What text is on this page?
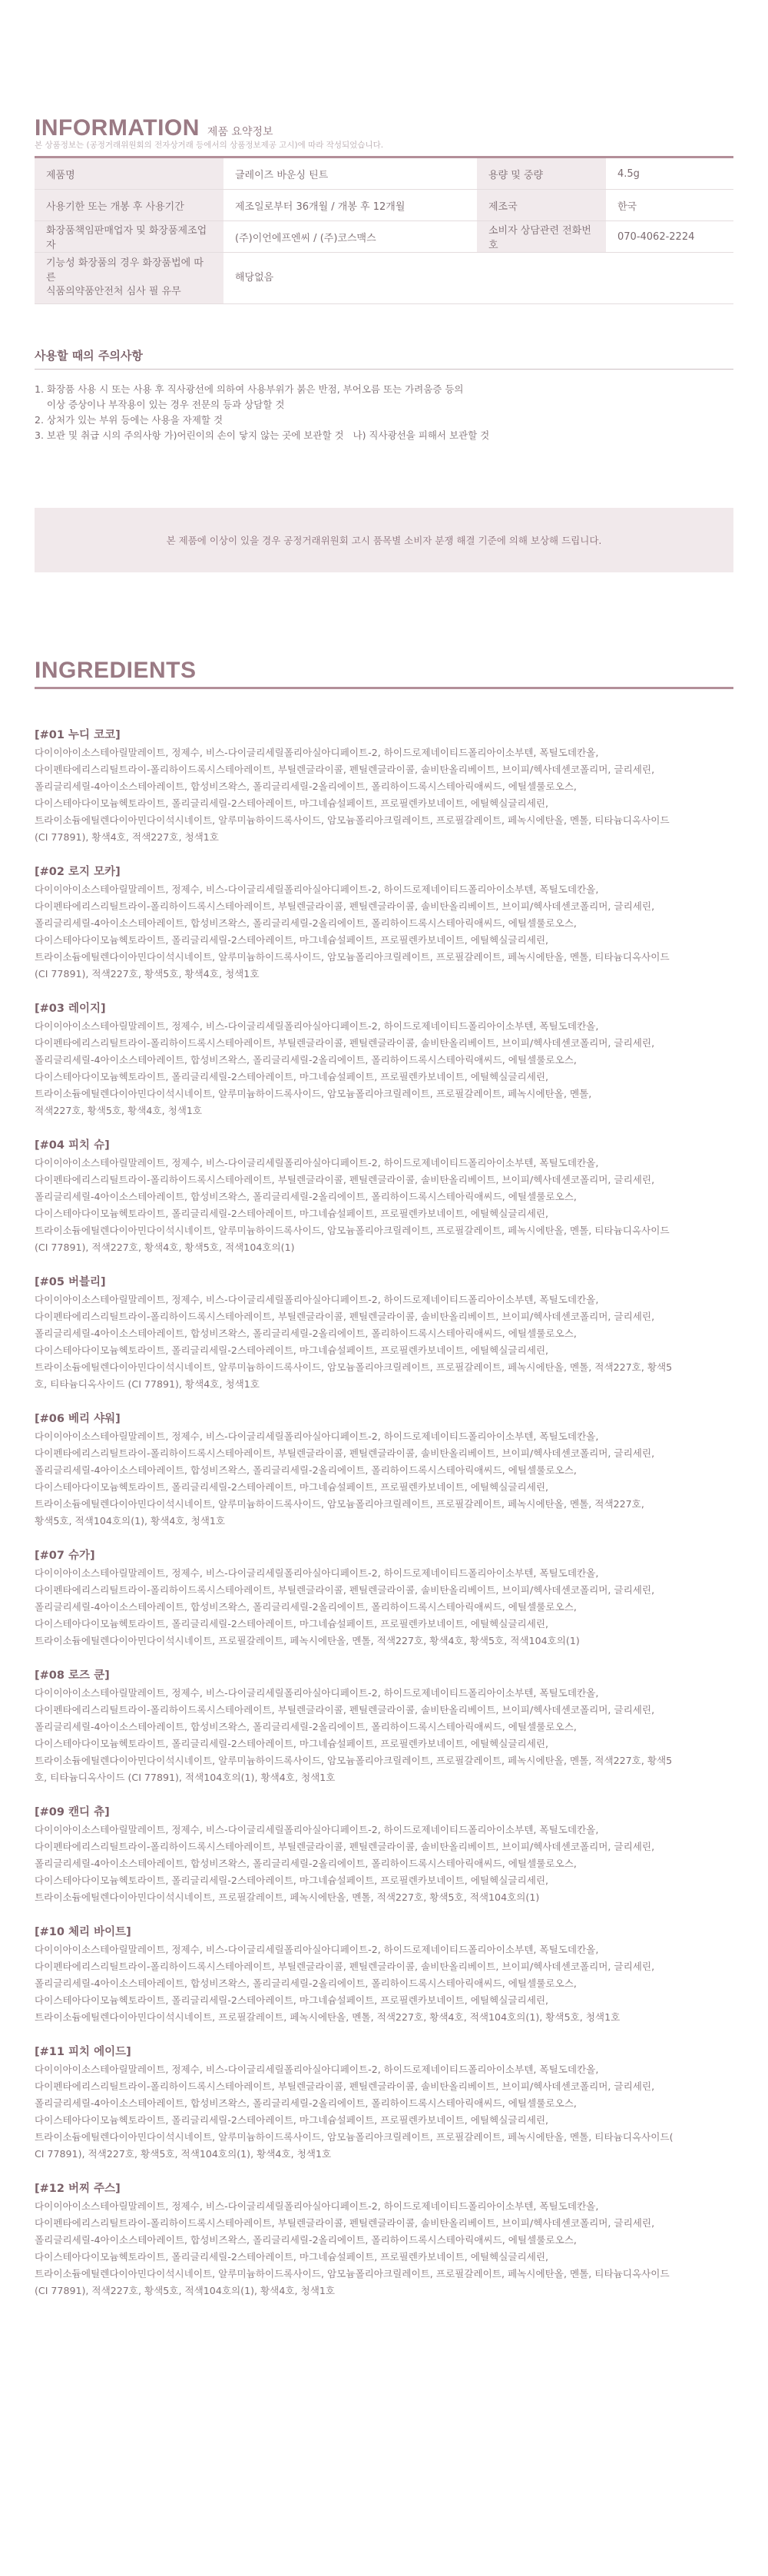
INFORMATION 제품 요약정보
본 상품정보는 (공정거래위원회의 전자상거래 등에서의 상품정보제공 고시)에 따라 작성되었습니다.
제품명	글레이즈 바운싱 틴트	용량 및 중량	4.5g
사용기한 또는 개봉 후 사용기간	제조일로부터 36개월 / 개봉 후 12개월	제조국	한국
화장품책임판매업자 및 화장품제조업자	(주)이언에프엔씨 / (주)코스맥스	소비자 상담관련 전화번호	070-4062-2224

기능성 화장품의 경우 화장품법에 따른
식품의약품안전처 심사 필 유무	해당없음		
사용할 때의 주의사항
1. 화장품 사용 시 또는 사용 후 직사광선에 의하여 사용부위가 붉은 반점, 부어오름 또는 가려움증 등의
이상 증상이나 부작용이 있는 경우 전문의 등과 상담할 것
2. 상처가 있는 부위 등에는 사용을 자제할 것
3. 보관 및 취급 시의 주의사항 가)어린이의 손이 닿지 않는 곳에 보관할 것   나) 직사광선을 피해서 보관할 것
본 제품에 이상이 있을 경우 공정거래위원회 고시 품목별 소비자 분쟁 해결 기준에 의해 보상해 드립니다.
INGREDIENTS
[#01 누디 코코]
다이이아이소스테아릴말레이트, 정제수, 비스-다이글리세릴폴리아실아디페이트-2, 하이드로제네이티드폴리아이소부텐, 폭틸도데칸올,
다이펜타에리스리틸트라이-폴리하이드록시스테아레이트, 부틸렌글라이콜, 펜틸렌글라이콜, 솔비탄올리베이트, 브이피/헥사데센코폴리머, 글리세린,
폴리글리세릴-4아이소스테아레이트, 합성비즈왁스, 폴리글리세릴-2올리에이트, 폴리하이드록시스테아릭애씨드, 에틸셀룰로오스,
다이스테아다이모늄헥토라이트, 폴리글리세릴-2스테아레이트, 마그네슘설페이트, 프로필렌카보네이트, 에틸헥실글리세린,
트라이소듐에틸렌다이아민다이석시네이트, 알루미늄하이드록사이드, 암모늄폴리아크릴레이트, 프로필갈레이트, 페녹시에탄올, 멘톨, 티타늄디옥사이드
(CI 77891), 황색4호, 적색227호, 청색1호
[#02 로지 모카]
다이이아이소스테아릴말레이트, 정제수, 비스-다이글리세릴폴리아실아디페이트-2, 하이드로제네이티드폴리아이소부텐, 폭틸도데칸올,
다이펜타에리스리틸트라이-폴리하이드록시스테아레이트, 부틸렌글라이콜, 펜틸렌글라이콜, 솔비탄올리베이트, 브이피/헥사데센코폴리머, 글리세린,
폴리글리세릴-4아이소스테아레이트, 합성비즈왁스, 폴리글리세릴-2올리에이트, 폴리하이드록시스테아릭애씨드, 에틸셀룰로오스,
다이스테아다이모늄헥토라이트, 폴리글리세릴-2스테아레이트, 마그네슘설페이트, 프로필렌카보네이트, 에틸헥실글리세린,
트라이소듐에틸렌다이아민다이석시네이트, 알루미늄하이드록사이드, 암모늄폴리아크릴레이트, 프로필갈레이트, 페녹시에탄올, 멘톨, 티타늄디옥사이드
(CI 77891), 적색227호, 황색5호, 황색4호, 청색1호
[#03 레이지]
다이이아이소스테아릴말레이트, 정제수, 비스-다이글리세릴폴리아실아디페이트-2, 하이드로제네이티드폴리아이소부텐, 폭틸도데칸올,
다이펜타에리스리틸트라이-폴리하이드록시스테아레이트, 부틸렌글라이콜, 펜틸렌글라이콜, 솔비탄올리베이트, 브이피/헥사데센코폴리머, 글리세린,
폴리글리세릴-4아이소스테아레이트, 합성비즈왁스, 폴리글리세릴-2올리에이트, 폴리하이드록시스테아릭애씨드, 에틸셀룰로오스,
다이스테아다이모늄헥토라이트, 폴리글리세릴-2스테아레이트, 마그네슘설페이트, 프로필렌카보네이트, 에틸헥실글리세린,
트라이소듐에틸렌다이아민다이석시네이트, 알루미늄하이드록사이드, 암모늄폴리아크릴레이트, 프로필갈레이트, 페녹시에탄올, 멘톨,
적색227호, 황색5호, 황색4호, 청색1호
[#04 피치 슈]
다이이아이소스테아릴말레이트, 정제수, 비스-다이글리세릴폴리아실아디페이트-2, 하이드로제네이티드폴리아이소부텐, 폭틸도데칸올,
다이펜타에리스리틸트라이-폴리하이드록시스테아레이트, 부틸렌글라이콜, 펜틸렌글라이콜, 솔비탄올리베이트, 브이피/헥사데센코폴리머, 글리세린,
폴리글리세릴-4아이소스테아레이트, 합성비즈왁스, 폴리글리세릴-2올리에이트, 폴리하이드록시스테아릭애씨드, 에틸셀룰로오스,
다이스테아다이모늄헥토라이트, 폴리글리세릴-2스테아레이트, 마그네슘설페이트, 프로필렌카보네이트, 에틸헥실글리세린,
트라이소듐에틸렌다이아민다이석시네이트, 알루미늄하이드록사이드, 암모늄폴리아크릴레이트, 프로필갈레이트, 페녹시에탄올, 멘톨, 티타늄디옥사이드
(CI 77891), 적색227호, 황색4호, 황색5호, 적색104호의(1)
[#05 버블리]
다이이아이소스테아릴말레이트, 정제수, 비스-다이글리세릴폴리아실아디페이트-2, 하이드로제네이티드폴리아이소부텐, 폭틸도데칸올,
다이펜타에리스리틸트라이-폴리하이드록시스테아레이트, 부틸렌글라이콜, 펜틸렌글라이콜, 솔비탄올리베이트, 브이피/헥사데센코폴리머, 글리세린,
폴리글리세릴-4아이소스테아레이트, 합성비즈왁스, 폴리글리세릴-2올리에이트, 폴리하이드록시스테아릭애씨드, 에틸셀룰로오스,
다이스테아다이모늄헥토라이트, 폴리글리세릴-2스테아레이트, 마그네슘설페이트, 프로필렌카보네이트, 에틸헥실글리세린,
트라이소듐에틸렌다이아민다이석시네이트, 알루미늄하이드록사이드, 암모늄폴리아크릴레이트, 프로필갈레이트, 페녹시에탄올, 멘톨, 적색227호, 황색5
호, 티타늄디옥사이드 (CI 77891), 황색4호, 청색1호
[#06 베리 샤워]
다이이아이소스테아릴말레이트, 정제수, 비스-다이글리세릴폴리아실아디페이트-2, 하이드로제네이티드폴리아이소부텐, 폭틸도데칸올,
다이펜타에리스리틸트라이-폴리하이드록시스테아레이트, 부틸렌글라이콜, 펜틸렌글라이콜, 솔비탄올리베이트, 브이피/헥사데센코폴리머, 글리세린,
폴리글리세릴-4아이소스테아레이트, 합성비즈왁스, 폴리글리세릴-2올리에이트, 폴리하이드록시스테아릭애씨드, 에틸셀룰로오스,
다이스테아다이모늄헥토라이트, 폴리글리세릴-2스테아레이트, 마그네슘설페이트, 프로필렌카보네이트, 에틸헥실글리세린,
트라이소듐에틸렌다이아민다이석시네이트, 알루미늄하이드록사이드, 암모늄폴리아크릴레이트, 프로필갈레이트, 페녹시에탄올, 멘톨, 적색227호,
황색5호, 적색104호의(1), 황색4호, 청색1호
[#07 슈가]
다이이아이소스테아릴말레이트, 정제수, 비스-다이글리세릴폴리아실아디페이트-2, 하이드로제네이티드폴리아이소부텐, 폭틸도데칸올,
다이펜타에리스리틸트라이-폴리하이드록시스테아레이트, 부틸렌글라이콜, 펜틸렌글라이콜, 솔비탄올리베이트, 브이피/헥사데센코폴리머, 글리세린,
폴리글리세릴-4아이소스테아레이트, 합성비즈왁스, 폴리글리세릴-2올리에이트, 폴리하이드록시스테아릭애씨드, 에틸셀룰로오스,
다이스테아다이모늄헥토라이트, 폴리글리세릴-2스테아레이트, 마그네슘설페이트, 프로필렌카보네이트, 에틸헥실글리세린,
트라이소듐에틸렌다이아민다이석시네이트, 프로필갈레이트, 페녹시에탄올, 멘톨, 적색227호, 황색4호, 황색5호, 적색104호의(1)
[#08 로즈 쿤]
다이이아이소스테아릴말레이트, 정제수, 비스-다이글리세릴폴리아실아디페이트-2, 하이드로제네이티드폴리아이소부텐, 폭틸도데칸올,
다이펜타에리스리틸트라이-폴리하이드록시스테아레이트, 부틸렌글라이콜, 펜틸렌글라이콜, 솔비탄올리베이트, 브이피/헥사데센코폴리머, 글리세린,
폴리글리세릴-4아이소스테아레이트, 합성비즈왁스, 폴리글리세릴-2올리에이트, 폴리하이드록시스테아릭애씨드, 에틸셀룰로오스,
다이스테아다이모늄헥토라이트, 폴리글리세릴-2스테아레이트, 마그네슘설페이트, 프로필렌카보네이트, 에틸헥실글리세린,
트라이소듐에틸렌다이아민다이석시네이트, 알루미늄하이드록사이드, 암모늄폴리아크릴레이트, 프로필갈레이트, 페녹시에탄올, 멘톨, 적색227호, 황색5
호, 티타늄디옥사이드 (CI 77891), 적색104호의(1), 황색4호, 청색1호
[#09 캔디 츄]
다이이아이소스테아릴말레이트, 정제수, 비스-다이글리세릴폴리아실아디페이트-2, 하이드로제네이티드폴리아이소부텐, 폭틸도데칸올,
다이펜타에리스리틸트라이-폴리하이드록시스테아레이트, 부틸렌글라이콜, 펜틸렌글라이콜, 솔비탄올리베이트, 브이피/헥사데센코폴리머, 글리세린,
폴리글리세릴-4아이소스테아레이트, 합성비즈왁스, 폴리글리세릴-2올리에이트, 폴리하이드록시스테아릭애씨드, 에틸셀룰로오스,
다이스테아다이모늄헥토라이트, 폴리글리세릴-2스테아레이트, 마그네슘설페이트, 프로필렌카보네이트, 에틸헥실글리세린,
트라이소듐에틸렌다이아민다이석시네이트, 프로필갈레이트, 페녹시에탄올, 멘톨, 적색227호, 황색5호, 적색104호의(1)
[#10 체리 바이트]
다이이아이소스테아릴말레이트, 정제수, 비스-다이글리세릴폴리아실아디페이트-2, 하이드로제네이티드폴리아이소부텐, 폭틸도데칸올,
다이펜타에리스리틸트라이-폴리하이드록시스테아레이트, 부틸렌글라이콜, 펜틸렌글라이콜, 솔비탄올리베이트, 브이피/헥사데센코폴리머, 글리세린,
폴리글리세릴-4아이소스테아레이트, 합성비즈왁스, 폴리글리세릴-2올리에이트, 폴리하이드록시스테아릭애씨드, 에틸셀룰로오스,
다이스테아다이모늄헥토라이트, 폴리글리세릴-2스테아레이트, 마그네슘설페이트, 프로필렌카보네이트, 에틸헥실글리세린,
트라이소듐에틸렌다이아민다이석시네이트, 프로필갈레이트, 페녹시에탄올, 멘톨, 적색227호, 황색4호, 적색104호의(1), 황색5호, 청색1호
[#11 피치 에이드]
다이이아이소스테아릴말레이트, 정제수, 비스-다이글리세릴폴리아실아디페이트-2, 하이드로제네이티드폴리아이소부텐, 폭틸도데칸올,
다이펜타에리스리틸트라이-폴리하이드록시스테아레이트, 부틸렌글라이콜, 펜틸렌글라이콜, 솔비탄올리베이트, 브이피/헥사데센코폴리머, 글리세린,
폴리글리세릴-4아이소스테아레이트, 합성비즈왁스, 폴리글리세릴-2올리에이트, 폴리하이드록시스테아릭애씨드, 에틸셀룰로오스,
다이스테아다이모늄헥토라이트, 폴리글리세릴-2스테아레이트, 마그네슘설페이트, 프로필렌카보네이트, 에틸헥실글리세린,
트라이소듐에틸렌다이아민다이석시네이트, 알루미늄하이드록사이드, 암모늄폴리아크릴레이트, 프로필갈레이트, 페녹시에탄올, 멘톨, 티타늄디옥사이드(
CI 77891), 적색227호, 황색5호, 적색104호의(1), 황색4호, 청색1호
[#12 버찌 주스]
다이이아이소스테아릴말레이트, 정제수, 비스-다이글리세릴폴리아실아디페이트-2, 하이드로제네이티드폴리아이소부텐, 폭틸도데칸올,
다이펜타에리스리틸트라이-폴리하이드록시스테아레이트, 부틸렌글라이콜, 펜틸렌글라이콜, 솔비탄올리베이트, 브이피/헥사데센코폴리머, 글리세린,
폴리글리세릴-4아이소스테아레이트, 합성비즈왁스, 폴리글리세릴-2올리에이트, 폴리하이드록시스테아릭애씨드, 에틸셀룰로오스,
다이스테아다이모늄헥토라이트, 폴리글리세릴-2스테아레이트, 마그네슘설페이트, 프로필렌카보네이트, 에틸헥실글리세린,
트라이소듐에틸렌다이아민다이석시네이트, 알루미늄하이드록사이드, 암모늄폴리아크릴레이트, 프로필갈레이트, 페녹시에탄올, 멘톨, 티타늄디옥사이드
(CI 77891), 적색227호, 황색5호, 적색104호의(1), 황색4호, 청색1호
